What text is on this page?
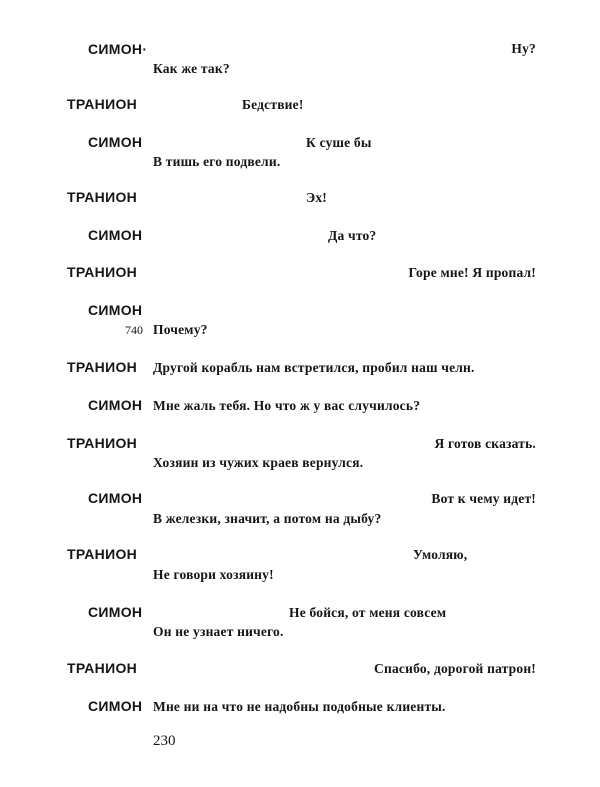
СИМОН·	Ну?
Как же так?
ТРАНИОН	Бедствие!
СИМОН	К суше бы
В тишь его подвели.
ТРАНИОН	Эх!
СИМОН	Да что?
ТРАНИОН	Горе мне! Я пропал!
СИМОН
740 Почему?
ТРАНИОН Другой корабль нам встретился, пробил наш челн.
СИМОН Мне жаль тебя. Но что ж у вас случилось?
ТРАНИОН	Я готов сказать.
Хозяин из чужих краев вернулся.
СИМОН	Вот к чему идет!
В железки, значит, а потом на дыбу?
ТРАНИОН	Умоляю,
Не говори хозяину!
СИМОН	Не бойся, от меня совсем
Он не узнает ничего.
ТРАНИОН	Спасибо, дорогой патрон!
СИМОН Мне ни на что не надобны подобные клиенты.
230
